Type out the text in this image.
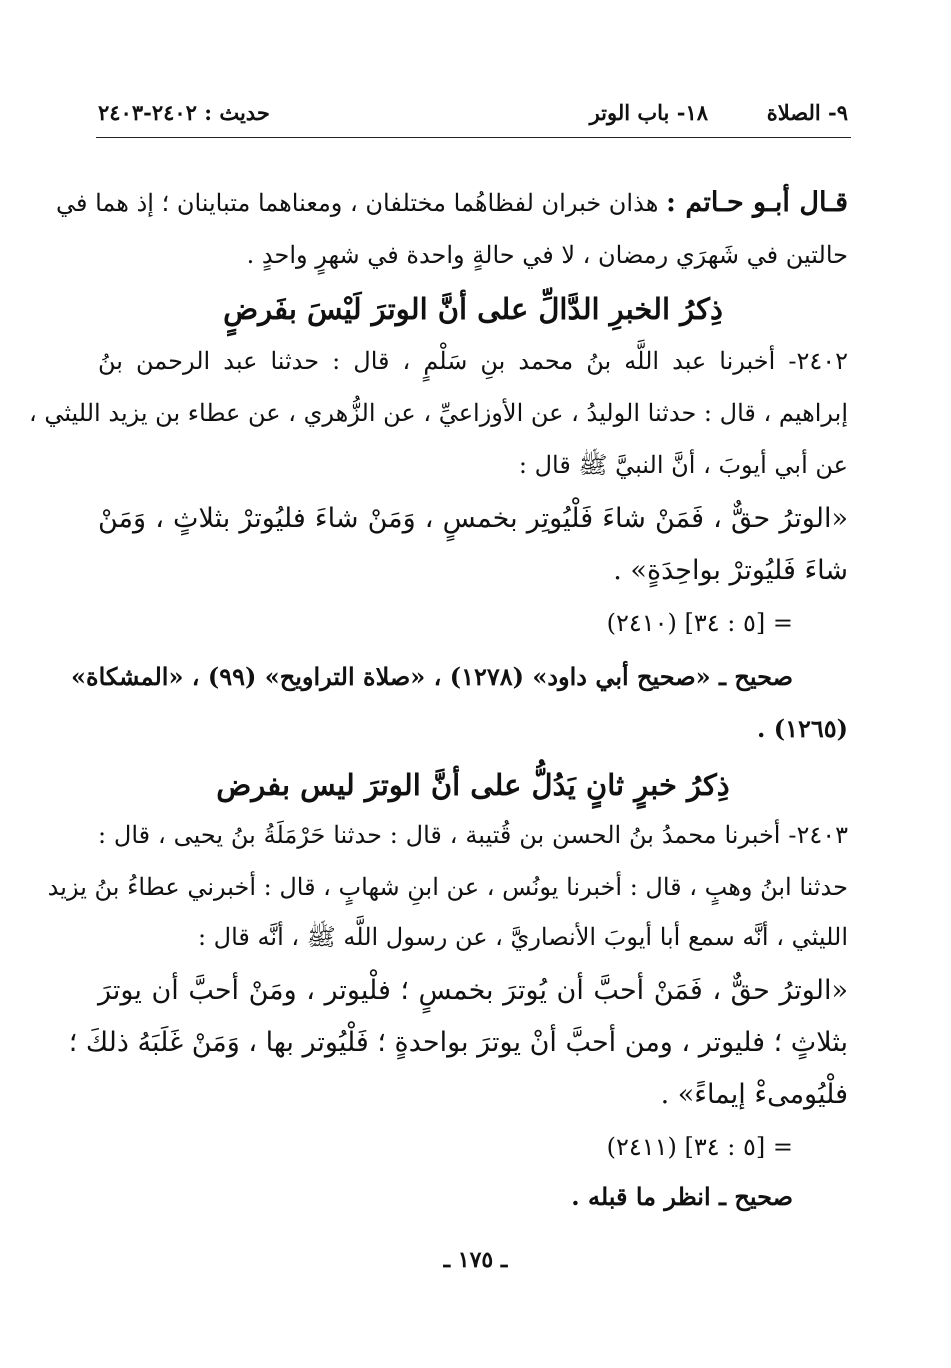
٩- الصلاة
١٨- باب الوتر
حديث : ٢٤٠٢-٢٤٠٣
قـال أبـو حـاتم : هذان خبران لفظاهُما مختلفان ، ومعناهما متباينان ؛ إذ هما في
حالتين في شَهرَي رمضان ، لا في حالةٍ واحدة في شهرٍ واحدٍ .
ذِكرُ الخبرِ الدَّالِّ على أنَّ الوترَ لَيْسَ بفَرضٍ
٢٤٠٢- أخبرنا عبد اللَّه بنُ محمد بنِ سَلْمٍ ، قال : حدثنا عبد الرحمن بنُ
إبراهيم ، قال : حدثنا الوليدُ ، عن الأوزاعيِّ ، عن الزُّهري ، عن عطاء بن يزيد الليثي ،
عن أبي أيوبَ ، أنَّ النبيَّ ﷺ قال :
«الوترُ حقٌّ ، فَمَنْ شاءَ فَلْيُوتِر بخمسٍ ، وَمَنْ شاءَ فليُوترْ بثلاثٍ ، وَمَنْ
شاءَ فَليُوترْ بواحِدَةٍ» .
= [٥ : ٣٤] (٢٤١٠)
صحيح ـ «صحيح أبي داود» (١٢٧٨) ، «صلاة التراويح» (٩٩) ، «المشكاة»
(١٢٦٥) .
ذِكرُ خبرٍ ثانٍ يَدُلُّ على أنَّ الوترَ ليس بفرض
٢٤٠٣- أخبرنا محمدُ بنُ الحسن بن قُتيبة ، قال : حدثنا حَرْمَلَةُ بنُ يحيى ، قال :
حدثنا ابنُ وهبٍ ، قال : أخبرنا يونُس ، عن ابنِ شهابٍ ، قال : أخبرني عطاءُ بنُ يزيد
الليثي ، أنَّه سمع أبا أيوبَ الأنصاريَّ ، عن رسول اللَّه ﷺ ، أنَّه قال :
«الوترُ حقٌّ ، فَمَنْ أحبَّ أن يُوترَ بخمسٍ ؛ فلْيوتر ، ومَنْ أحبَّ أن يوترَ
بثلاثٍ ؛ فليوتر ، ومن أحبَّ أنْ يوترَ بواحدةٍ ؛ فَلْيُوتر بها ، وَمَنْ غَلَبَهُ ذلكَ ؛
فلْيُومىءْ إيماءً» .
= [٥ : ٣٤] (٢٤١١)
صحيح ـ انظر ما قبله .
ـ ١٧٥ ـ
